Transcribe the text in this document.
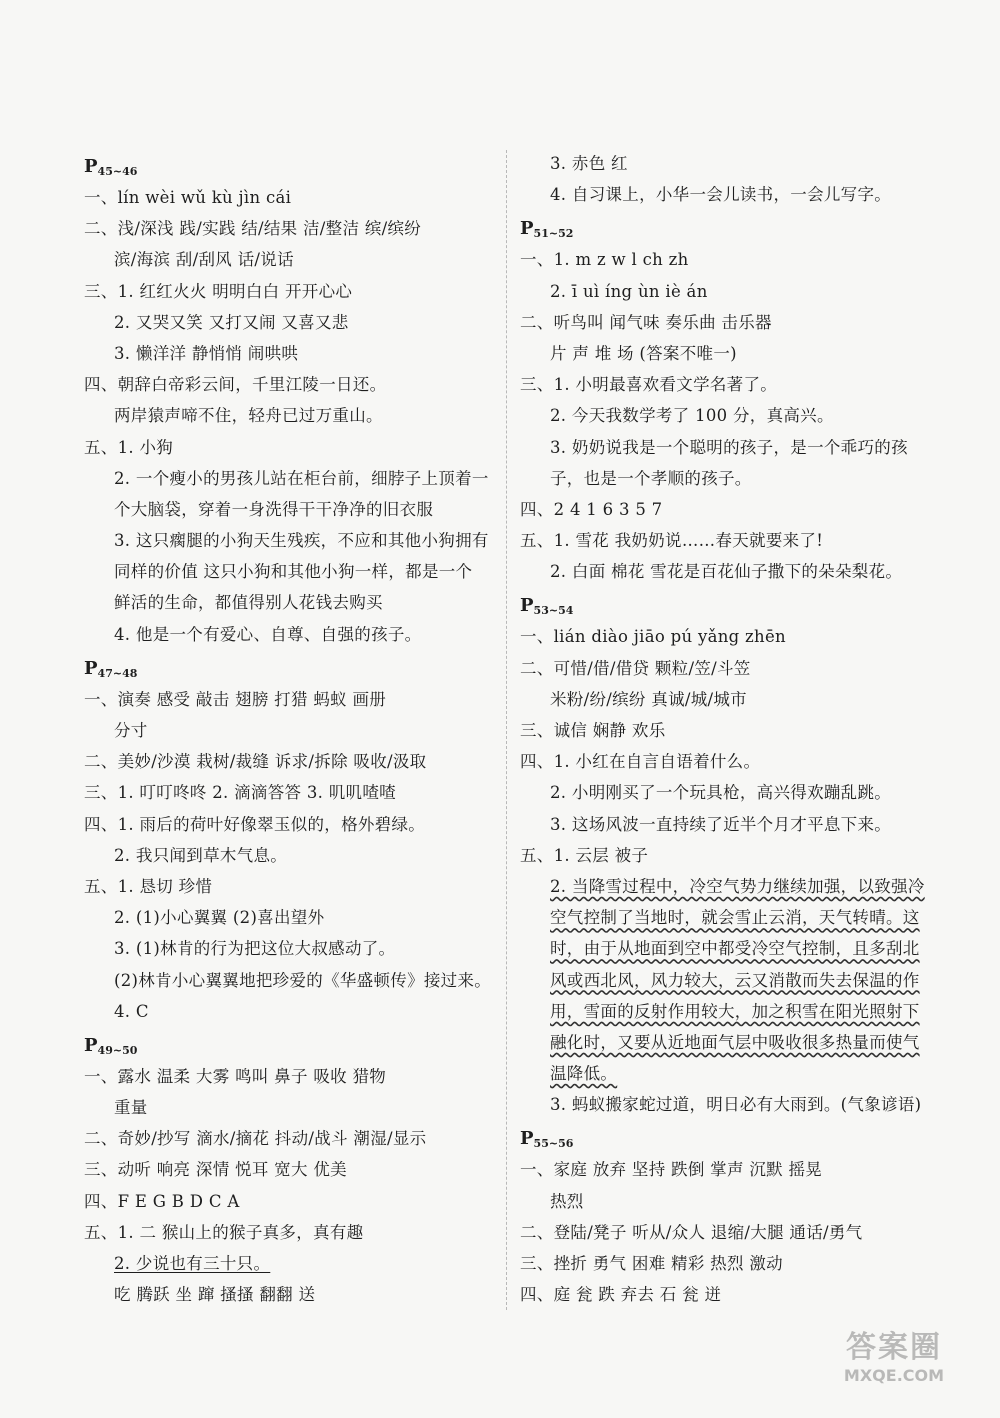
$P_{45\sim 46}$
一、lín wèi wǔ kù jìn cái
二、浅/深浅 践/实践 结/结果 洁/整洁 缤/缤纷
滨/海滨 刮/刮风 话/说话
三、1. 红红火火 明明白白 开开心心
2. 又哭又笑 又打又闹 又喜又悲
3. 懒洋洋 静悄悄 闹哄哄
四、朝辞白帝彩云间，千里江陵一日还。
两岸猿声啼不住，轻舟已过万重山。
五、1. 小狗
2. 一个瘦小的男孩儿站在柜台前，细脖子上顶着一
个大脑袋，穿着一身洗得干干净净的旧衣服
3. 这只瘸腿的小狗天生残疾，不应和其他小狗拥有
同样的价值 这只小狗和其他小狗一样，都是一个
鲜活的生命，都值得别人花钱去购买
4. 他是一个有爱心、自尊、自强的孩子。
$P_{47\sim 48}$
一、演奏 感受 敲击 翅膀 打猎 蚂蚁 画册
分寸
二、美妙/沙漠 栽树/裁缝 诉求/拆除 吸收/汲取
三、1. 叮叮咚咚 2. 滴滴答答 3. 叽叽喳喳
四、1. 雨后的荷叶好像翠玉似的，格外碧绿。
2. 我只闻到草木气息。
五、1. 恳切 珍惜
2. (1)小心翼翼 (2)喜出望外
3. (1)林肯的行为把这位大叔感动了。
(2)林肯小心翼翼地把珍爱的《华盛顿传》接过来。
4. C
$P_{49\sim 50}$
一、露水 温柔 大雾 鸣叫 鼻子 吸收 猎物
重量
二、奇妙/抄写 滴水/摘花 抖动/战斗 潮湿/显示
三、动听 响亮 深情 悦耳 宽大 优美
四、F E G B D C A
五、1. 二 猴山上的猴子真多，真有趣
2. 少说也有三十只。
吃 腾跃 坐 蹿 搔搔 翻翻 送
3. 赤色 红
4. 自习课上，小华一会儿读书，一会儿写字。
$P_{51\sim 52}$
一、1. m z w l ch zh
2. ī uì íng ùn iè án
二、听鸟叫 闻气味 奏乐曲 击乐器
片 声 堆 场 (答案不唯一)
三、1. 小明最喜欢看文学名著了。
2. 今天我数学考了 100 分，真高兴。
3. 奶奶说我是一个聪明的孩子，是一个乖巧的孩
子，也是一个孝顺的孩子。
四、2 4 1 6 3 5 7
五、1. 雪花 我奶奶说……春天就要来了!
2. 白面 棉花 雪花是百花仙子撒下的朵朵梨花。
$P_{53\sim 54}$
一、lián diào jiāo pú yǎng zhēn
二、可惜/借/借贷 颗粒/笠/斗笠
米粉/纷/缤纷 真诚/城/城市
三、诚信 娴静 欢乐
四、1. 小红在自言自语着什么。
2. 小明刚买了一个玩具枪，高兴得欢蹦乱跳。
3. 这场风波一直持续了近半个月才平息下来。
五、1. 云层 被子
2. 当降雪过程中，冷空气势力继续加强，以致强冷
空气控制了当地时，就会雪止云消，天气转晴。这
时，由于从地面到空中都受冷空气控制，且多刮北
风或西北风，风力较大，云又消散而失去保温的作
用，雪面的反射作用较大，加之积雪在阳光照射下
融化时，又要从近地面气层中吸收很多热量而使气
温降低。
3. 蚂蚁搬家蛇过道，明日必有大雨到。(气象谚语)
$P_{55\sim 56}$
一、家庭 放弃 坚持 跌倒 掌声 沉默 摇晃
热烈
二、登陆/凳子 听从/众人 退缩/大腿 通话/勇气
三、挫折 勇气 困难 精彩 热烈 激动
四、庭 瓮 跌 弃去 石 瓮 迸
答案圈
MXQE.COM
